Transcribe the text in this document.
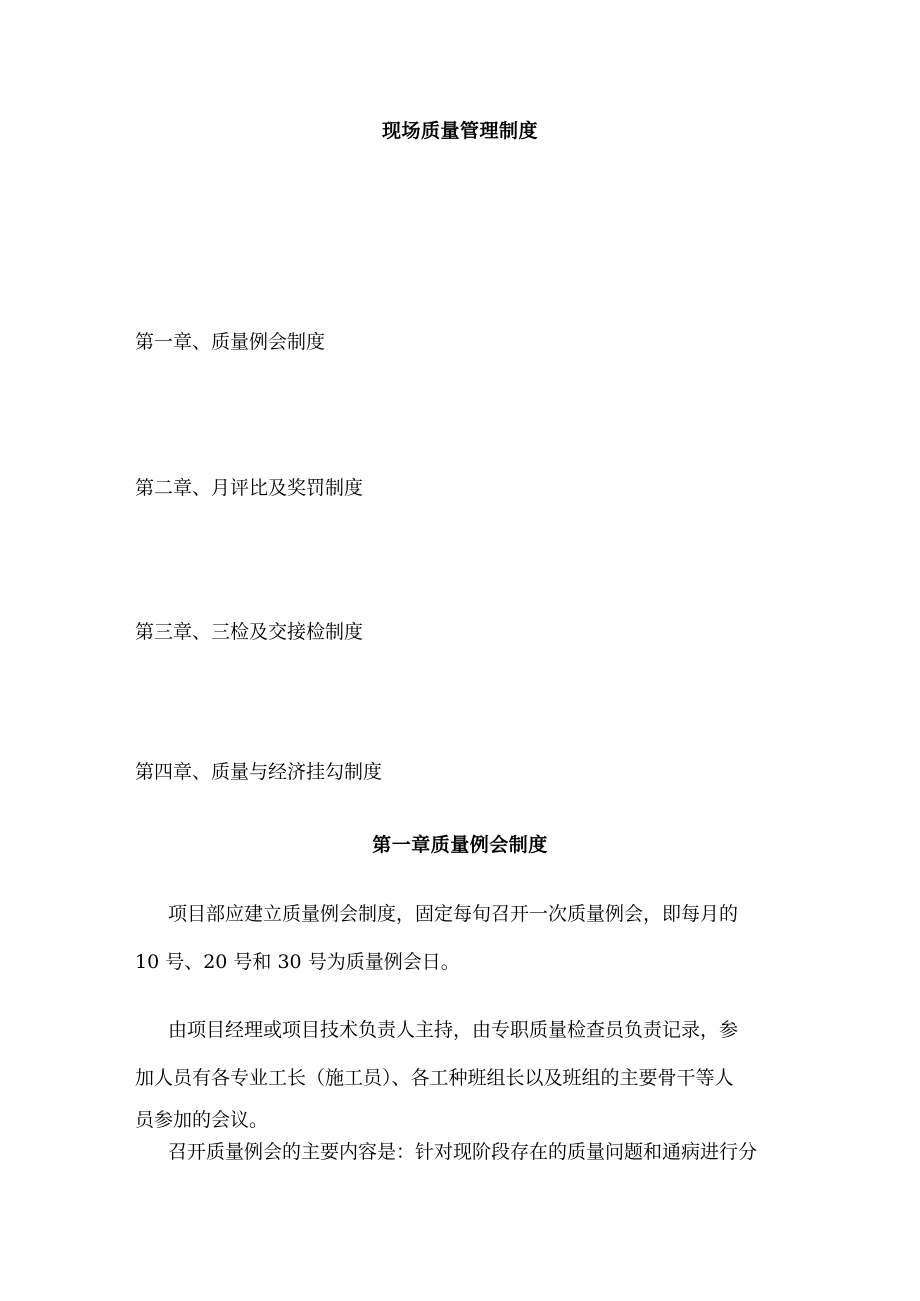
现场质量管理制度
第一章、质量例会制度
第二章、月评比及奖罚制度
第三章、三检及交接检制度
第四章、质量与经济挂勾制度
第一章质量例会制度
项目部应建立质量例会制度，固定每旬召开一次质量例会，即每月的
10 号、20 号和 30 号为质量例会日。
由项目经理或项目技术负责人主持，由专职质量检查员负责记录，参
加人员有各专业工长（施工员）、各工种班组长以及班组的主要骨干等人
员参加的会议。
召开质量例会的主要内容是：针对现阶段存在的质量问题和通病进行分
